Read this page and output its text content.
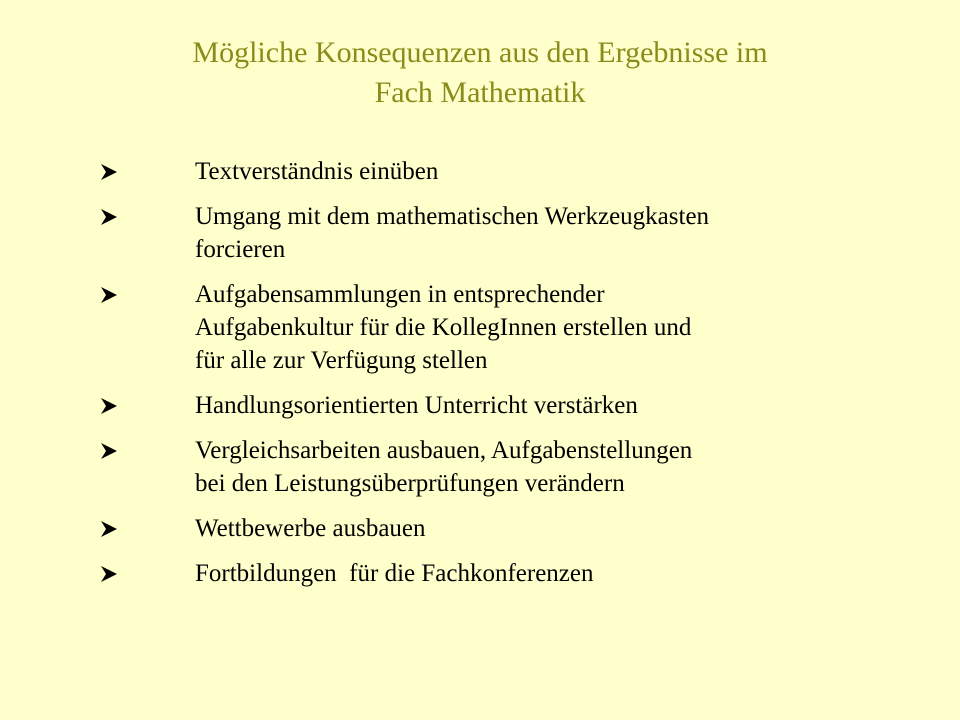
Mögliche Konsequenzen aus den Ergebnisse im
Fach Mathematik
Textverständnis einüben
Umgang mit dem mathematischen Werkzeugkasten
forcieren
Aufgabensammlungen in entsprechender
Aufgabenkultur für die KollegInnen erstellen und
für alle zur Verfügung stellen
Handlungsorientierten Unterricht verstärken
Vergleichsarbeiten ausbauen, Aufgabenstellungen
bei den Leistungsüberprüfungen verändern
Wettbewerbe ausbauen
Fortbildungen  für die Fachkonferenzen
